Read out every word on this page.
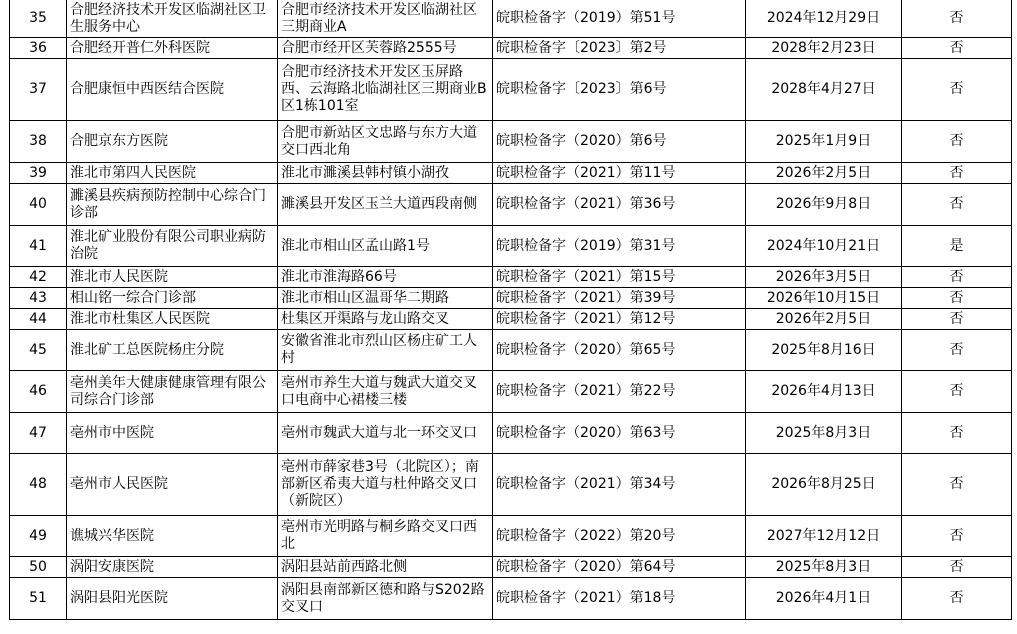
35	合肥经济技术开发区临湖社区卫生服务中心	合肥市经济技术开发区临湖社区三期商业A	皖职检备字（2019）第51号	2024年12月29日	否
36	合肥经开普仁外科医院	合肥市经开区芙蓉路2555号	皖职检备字〔2023〕第2号	2028年2月23日	否
37	合肥康恒中西医结合医院	合肥市经济技术开发区玉屏路西、云海路北临湖社区三期商业B区1栋101室	皖职检备字〔2023〕第6号	2028年4月27日	否
38	合肥京东方医院	合肥市新站区文忠路与东方大道交口西北角	皖职检备字（2020）第6号	2025年1月9日	否
39	淮北市第四人民医院	淮北市濉溪县韩村镇小湖孜	皖职检备字（2021）第11号	2026年2月5日	否
40	濉溪县疾病预防控制中心综合门诊部	濉溪县开发区玉兰大道西段南侧	皖职检备字（2021）第36号	2026年9月8日	否
41	淮北矿业股份有限公司职业病防治院	淮北市相山区孟山路1号	皖职检备字（2019）第31号	2024年10月21日	是
42	淮北市人民医院	淮北市淮海路66号	皖职检备字（2021）第15号	2026年3月5日	否
43	相山铭一综合门诊部	淮北市相山区温哥华二期路	皖职检备字（2021）第39号	2026年10月15日	否
44	淮北市杜集区人民医院	杜集区开渠路与龙山路交叉	皖职检备字（2021）第12号	2026年2月5日	否
45	淮北矿工总医院杨庄分院	安徽省淮北市烈山区杨庄矿工人村	皖职检备字（2020）第65号	2025年8月16日	否
46	亳州美年大健康健康管理有限公司综合门诊部	亳州市养生大道与魏武大道交叉口电商中心裙楼三楼	皖职检备字（2021）第22号	2026年4月13日	否
47	亳州市中医院	亳州市魏武大道与北一环交叉口	皖职检备字（2020）第63号	2025年8月3日	否
48	亳州市人民医院	亳州市薛家巷3号（北院区）；南部新区希夷大道与杜仲路交叉口（新院区）	皖职检备字（2021）第34号	2026年8月25日	否
49	谯城兴华医院	亳州市光明路与桐乡路交叉口西北	皖职检备字（2022）第20号	2027年12月12日	否
50	涡阳安康医院	涡阳县站前西路北侧	皖职检备字（2020）第64号	2025年8月3日	否
51	涡阳县阳光医院	涡阳县南部新区德和路与S202路交叉口	皖职检备字（2021）第18号	2026年4月1日	否
